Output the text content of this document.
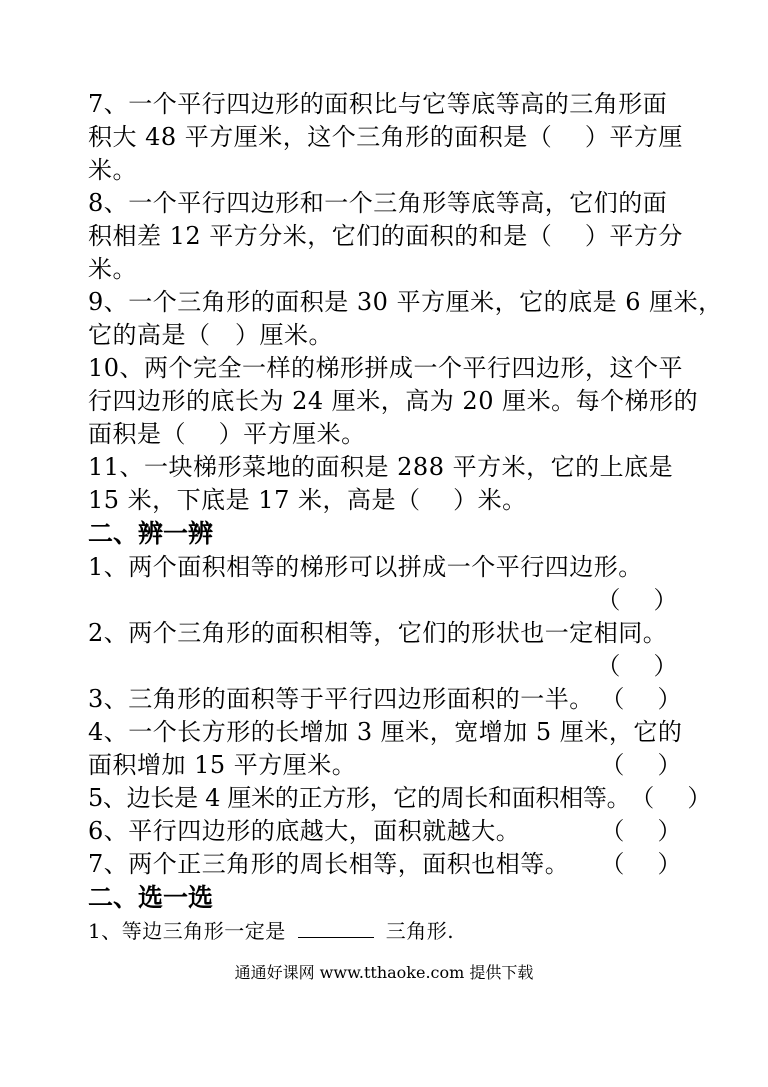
7、一个平行四边形的面积比与它等底等高的三角形面
积大 48 平方厘米，这个三角形的面积是（　 ）平方厘
米。
8、一个平行四边形和一个三角形等底等高，它们的面
积相差 12 平方分米，它们的面积的和是（　 ）平方分
米。
9、一个三角形的面积是 30 平方厘米，它的底是 6 厘米，
它的高是（　）厘米。
10、两个完全一样的梯形拼成一个平行四边形，这个平
行四边形的底长为 24 厘米，高为 20 厘米。每个梯形的
面积是（　 ）平方厘米。
11、一块梯形菜地的面积是 288 平方米，它的上底是
15 米，下底是 17 米，高是（　 ）米。
二、辨一辨
1、两个面积相等的梯形可以拼成一个平行四边形。
（　 ）
2、两个三角形的面积相等，它们的形状也一定相同。
（　 ）
3、三角形的面积等于平行四边形面积的一半。 （　 ）
4、一个长方形的长增加 3 厘米，宽增加 5 厘米，它的
面积增加 15 平方厘米。	（　 ）
5、边长是 4 厘米的正方形，它的周长和面积相等。 （　 ）
6、平行四边形的底越大，面积就越大。	（　 ）
7、两个正三角形的周长相等，面积也相等。 （　 ）
二、选一选
1、等边三角形一定是	三角形.
通通好课网 www.tthaoke.com 提供下载
